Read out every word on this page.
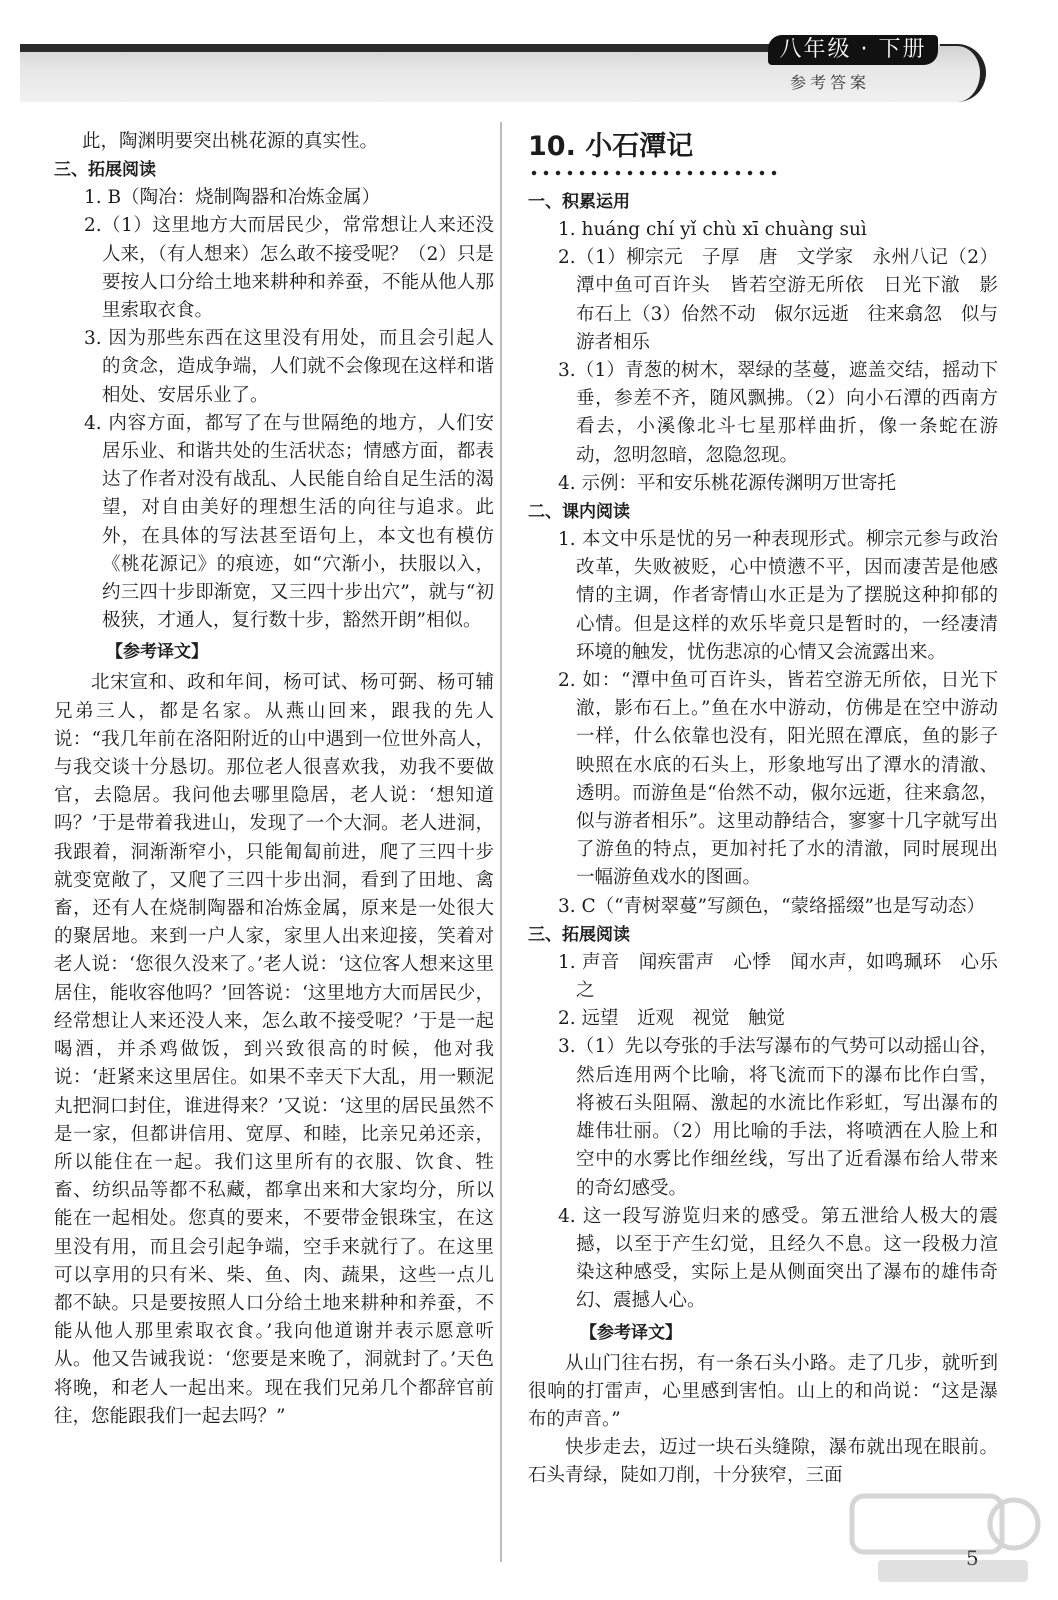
八年级 · 下册
参考答案

此，陶渊明要突出桃花源的真实性。

三、拓展阅读

1. B（陶冶：烧制陶器和冶炼金属）

2.（1）这里地方大而居民少，常常想让人来还没人来，（有人想来）怎么敢不接受呢？（2）只是要按人口分给土地来耕种和养蚕，不能从他人那里索取衣食。

3. 因为那些东西在这里没有用处，而且会引起人的贪念，造成争端，人们就不会像现在这样和谐相处、安居乐业了。

4. 内容方面，都写了在与世隔绝的地方，人们安居乐业、和谐共处的生活状态；情感方面，都表达了作者对没有战乱、人民能自给自足生活的渴望，对自由美好的理想生活的向往与追求。此外，在具体的写法甚至语句上，本文也有模仿《桃花源记》的痕迹，如“穴渐小，扶服以入，约三四十步即渐宽，又三四十步出穴”，就与“初极狭，才通人，复行数十步，豁然开朗”相似。

【参考译文】

北宋宣和、政和年间，杨可试、杨可弼、杨可辅兄弟三人，都是名家。从燕山回来，跟我的先人说：“我几年前在洛阳附近的山中遇到一位世外高人，与我交谈十分恳切。那位老人很喜欢我，劝我不要做官，去隐居。我问他去哪里隐居，老人说：‘想知道吗？’于是带着我进山，发现了一个大洞。老人进洞，我跟着，洞渐渐窄小，只能匍匐前进，爬了三四十步就变宽敞了，又爬了三四十步出洞，看到了田地、禽畜，还有人在烧制陶器和冶炼金属，原来是一处很大的聚居地。来到一户人家，家里人出来迎接，笑着对老人说：‘您很久没来了。’老人说：‘这位客人想来这里居住，能收容他吗？’回答说：‘这里地方大而居民少，经常想让人来还没人来，怎么敢不接受呢？’于是一起喝酒，并杀鸡做饭，到兴致很高的时候，他对我说：‘赶紧来这里居住。如果不幸天下大乱，用一颗泥丸把洞口封住，谁进得来？’又说：‘这里的居民虽然不是一家，但都讲信用、宽厚、和睦，比亲兄弟还亲，所以能住在一起。我们这里所有的衣服、饮食、牲畜、纺织品等都不私藏，都拿出来和大家均分，所以能在一起相处。您真的要来，不要带金银珠宝，在这里没有用，而且会引起争端，空手来就行了。在这里可以享用的只有米、柴、鱼、肉、蔬果，这些一点儿都不缺。只是要按照人口分给土地来耕种和养蚕，不能从他人那里索取衣食。’我向他道谢并表示愿意听从。他又告诫我说：‘您要是来晚了，洞就封了。’天色将晚，和老人一起出来。现在我们兄弟几个都辞官前往，您能跟我们一起去吗？”

10. 小石潭记

一、积累运用

1. huáng chí yǐ chù xī chuàng suì

2.（1）柳宗元　子厚　唐　文学家　永州八记（2）潭中鱼可百许头　皆若空游无所依　日光下澈　影布石上（3）佁然不动　俶尔远逝　往来翕忽　似与游者相乐

3.（1）青葱的树木，翠绿的茎蔓，遮盖交结，摇动下垂，参差不齐，随风飘拂。（2）向小石潭的西南方看去，小溪像北斗七星那样曲折，像一条蛇在游动，忽明忽暗，忽隐忽现。

4. 示例：平和安乐桃花源传渊明万世寄托

二、课内阅读

1. 本文中乐是忧的另一种表现形式。柳宗元参与政治改革，失败被贬，心中愤懑不平，因而凄苦是他感情的主调，作者寄情山水正是为了摆脱这种抑郁的心情。但是这样的欢乐毕竟只是暂时的，一经凄清环境的触发，忧伤悲凉的心情又会流露出来。

2. 如：“潭中鱼可百许头，皆若空游无所依，日光下澈，影布石上。”鱼在水中游动，仿佛是在空中游动一样，什么依靠也没有，阳光照在潭底，鱼的影子映照在水底的石头上，形象地写出了潭水的清澈、透明。而游鱼是“佁然不动，俶尔远逝，往来翕忽，似与游者相乐”。这里动静结合，寥寥十几字就写出了游鱼的特点，更加衬托了水的清澈，同时展现出一幅游鱼戏水的图画。

3. C（“青树翠蔓”写颜色，“蒙络摇缀”也是写动态）

三、拓展阅读

1. 声音　闻疾雷声　心悸　闻水声，如鸣珮环　心乐之

2. 远望　近观　视觉　触觉

3.（1）先以夸张的手法写瀑布的气势可以动摇山谷，然后连用两个比喻，将飞流而下的瀑布比作白雪，将被石头阻隔、激起的水流比作彩虹，写出瀑布的雄伟壮丽。（2）用比喻的手法，将喷洒在人脸上和空中的水雾比作细丝线，写出了近看瀑布给人带来的奇幻感受。

4. 这一段写游览归来的感受。第五泄给人极大的震撼，以至于产生幻觉，且经久不息。这一段极力渲染这种感受，实际上是从侧面突出了瀑布的雄伟奇幻、震撼人心。

【参考译文】

从山门往右拐，有一条石头小路。走了几步，就听到很响的打雷声，心里感到害怕。山上的和尚说：“这是瀑布的声音。”

快步走去，迈过一块石头缝隙，瀑布就出现在眼前。石头青绿，陡如刀削，十分狭窄，三面

5
